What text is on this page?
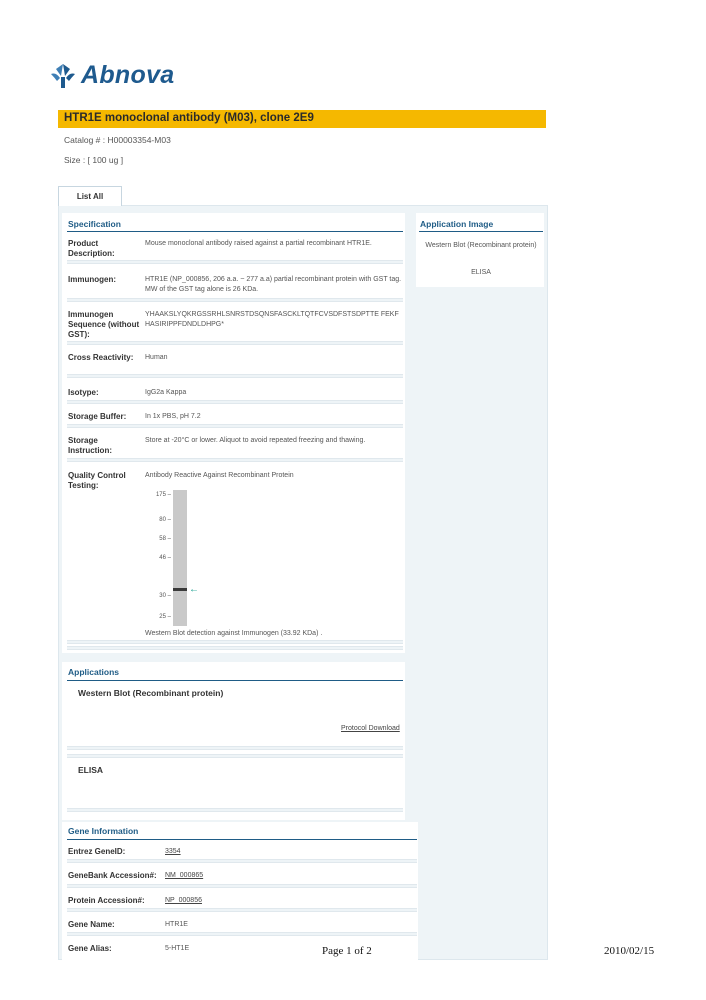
Abnova
HTR1E monoclonal antibody (M03), clone 2E9
Catalog # : H00003354-M03
Size : [ 100 ug ]
List All
Specification
Product Description:
Mouse monoclonal antibody raised against a partial recombinant HTR1E.
Immunogen:	HTR1E (NP_000856, 206 a.a. ~ 277 a.a) partial recombinant protein with GST tag. MW of the GST tag alone is 26 KDa.
Immunogen Sequence (without GST):
YHAAKSLYQKRGSSRHLSNRSTDSQNSFASCKLTQTFCVSDFSTSDPTTE FEKFHASIRIPPFDNDLDHPG*
Cross Reactivity:	Human
Isotype:	IgG2a Kappa
Storage Buffer:	In 1x PBS, pH 7.2
Storage Instruction:
Store at -20°C or lower. Aliquot to avoid repeated freezing and thawing.
Quality Control Testing:
Antibody Reactive Against Recombinant Protein
175 –
80 –
58 –
46 –
30 –
25 –
←
Western Blot detection against Immunogen (33.92 KDa) .
Application Image
Western Blot (Recombinant protein)
ELISA
Applications
Western Blot (Recombinant protein)
Protocol Download
ELISA
Gene Information
Entrez GeneID:	3354
GeneBank Accession#: NM_000865
Protein Accession#:	NP_000856
Gene Name:	HTR1E
Gene Alias:	5-HT1E	Page 1 of 2	2010/02/15
